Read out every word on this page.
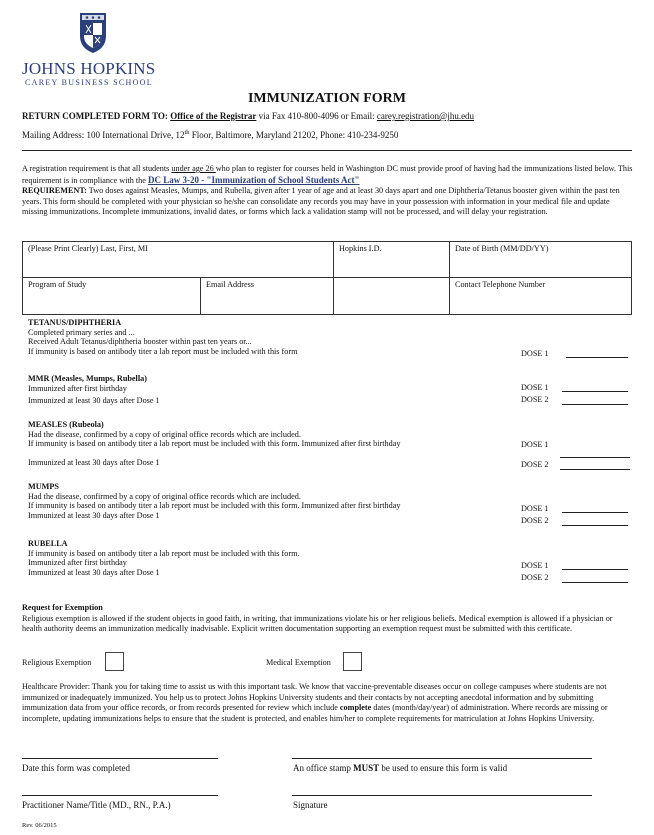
JOHNS HOPKINS
CAREY BUSINESS SCHOOL
IMMUNIZATION FORM
RETURN COMPLETED FORM TO: Office of the Registrar via Fax 410-800-4096 or Email: carey.registration@jhu.edu
Mailing Address: 100 International Drive, 12th Floor, Baltimore, Maryland 21202, Phone: 410-234-9250
A registration requirement is that all students under age 26 who plan to register for courses held in Washington DC must provide proof of having had the immunizations listed below. This requirement is in compliance with the DC Law 3-20 - "Immunization of School Students Act"
REQUIREMENT: Two doses against Measles, Mumps, and Rubella, given after 1 year of age and at least 30 days apart and one Diphtheria/Tetanus booster given within the past ten years. This form should be completed with your physician so he/she can consolidate any records you may have in your possession with information in your medical file and update missing immunizations. Incomplete immunizations, invalid dates, or forms which lack a validation stamp will not be processed, and will delay your registration.
(Please Print Clearly) Last, First, MI	Hopkins I.D.	Date of Birth (MM/DD/YY)

Program of Study Email Address		Contact Telephone Number
TETANUS/DIPHTHERIA
Completed primary series and ...
Received Adult Tetanus/diphtheria booster within past ten years or...
If immunity is based on antibody titer a lab report must be included with this form	DOSE 1
MMR (Measles, Mumps, Rubella)
Immunized after first birthday
Immunized at least 30 days after Dose 1
DOSE 1
DOSE 2
MEASLES (Rubeola)
Had the disease, confirmed by a copy of original office records which are included.
If immunity is based on antibody titer a lab report must be included with this form. Immunized after first birthday
Immunized at least 30 days after Dose 1
DOSE 1
DOSE 2
MUMPS
Had the disease, confirmed by a copy of original office records which are included.
If immunity is based on antibody titer a lab report must be included with this form. Immunized after first birthday
Immunized at least 30 days after Dose 1
DOSE 1
DOSE 2
RUBELLA
If immunity is based on antibody titer a lab report must be included with this form.
Immunized after first birthday
Immunized at least 30 days after Dose 1
DOSE 1
DOSE 2
Request for Exemption
Religious exemption is allowed if the student objects in good faith, in writing, that immunizations violate his or her religious beliefs. Medical exemption is allowed if a physician or health authority deems an immunization medically inadvisable. Explicit written documentation supporting an exemption request must be submitted with this certificate.
Religious Exemption	Medical Exemption
Healthcare Provider: Thank you for taking time to assist us with this important task. We know that vaccine-preventable diseases occur on college campuses where students are not immunized or inadequately immunized. You help us to protect Johns Hopkins University students and their contacts by not accepting anecdotal information and by submitting immunization data from your office records, or from records presented for review which include complete dates (month/day/year) of administration. Where records are missing or incomplete, updating immunizations helps to ensure that the student is protected, and enables him/her to complete requirements for matriculation at Johns Hopkins University.
Date this form was completed	An office stamp MUST be used to ensure this form is valid
Practitioner Name/Title (MD., RN., P.A.)	Signature
Rev. 06/2015
